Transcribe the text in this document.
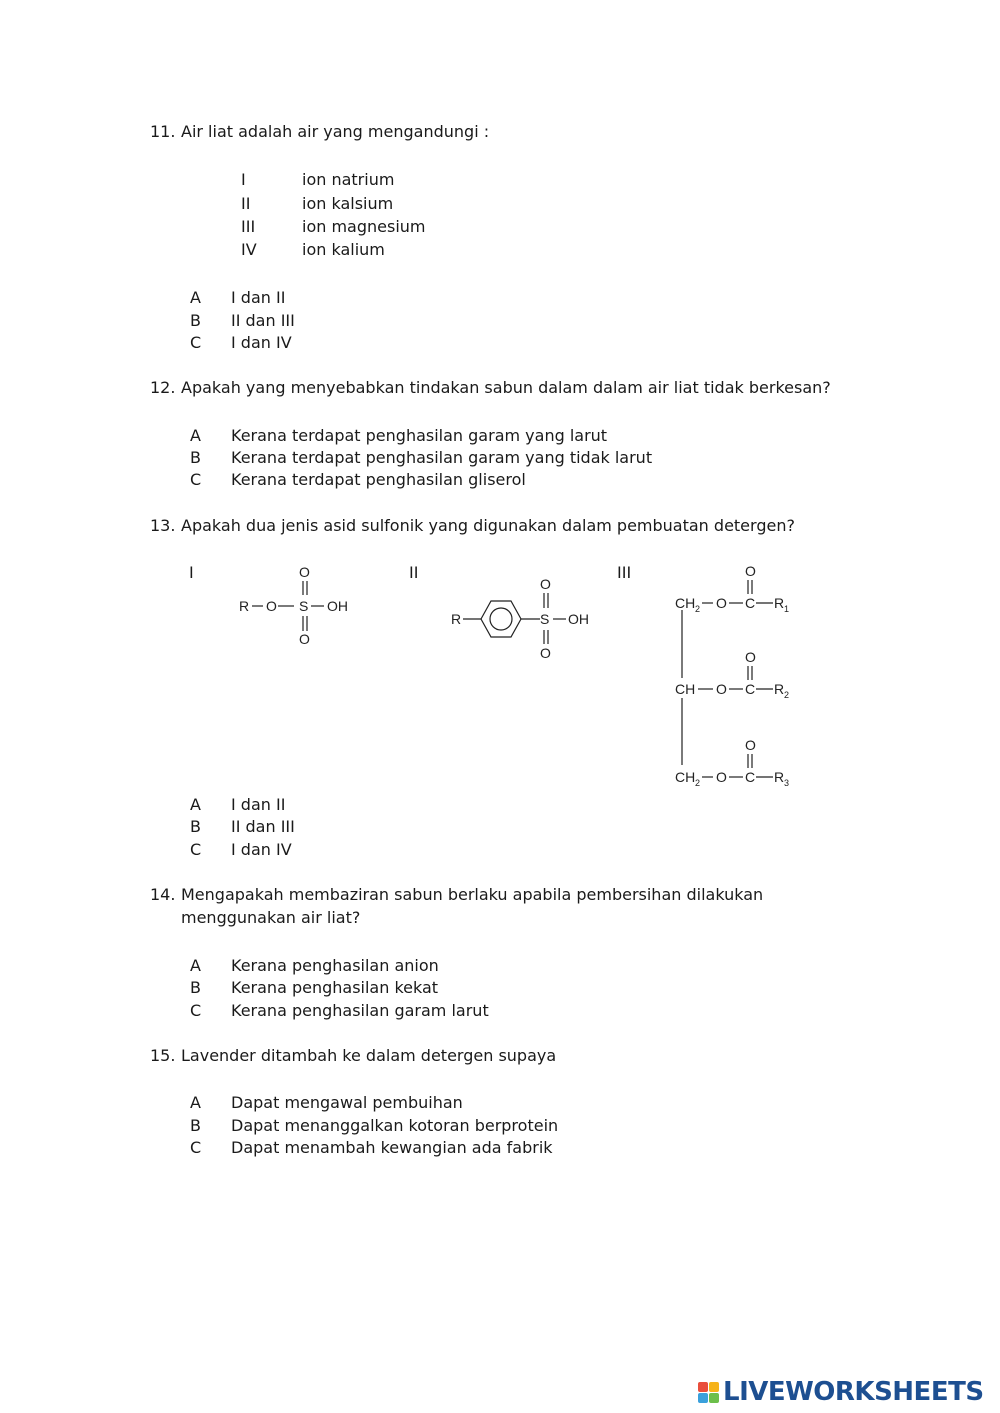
11. Air liat adalah air yang mengandungi :
I	ion natrium
II	ion kalsium
III	ion magnesium
IV	ion kalium
A I dan II
B II dan III
C I dan IV
12. Apakah yang menyebabkan tindakan sabun dalam dalam air liat tidak berkesan?
A Kerana terdapat penghasilan garam yang larut
B Kerana terdapat penghasilan garam yang tidak larut
C Kerana terdapat penghasilan gliserol
13. Apakah dua jenis asid sulfonik yang digunakan dalam pembuatan detergen?
I	II	III
R O S OH
O
O
R	S OH
O
O
CH 2 O C R 1
O
CH O C R 2
O
CH 2 O C R 3
O
A I dan II
B II dan III
C I dan IV
14. Mengapakah membaziran sabun berlaku apabila pembersihan dilakukan
menggunakan air liat?
A Kerana penghasilan anion
B Kerana penghasilan kekat
C Kerana penghasilan garam larut
15. Lavender ditambah ke dalam detergen supaya
A Dapat mengawal pembuihan
B Dapat menanggalkan kotoran berprotein
C Dapat menambah kewangian ada fabrik
LIVEWORKSHEETS
